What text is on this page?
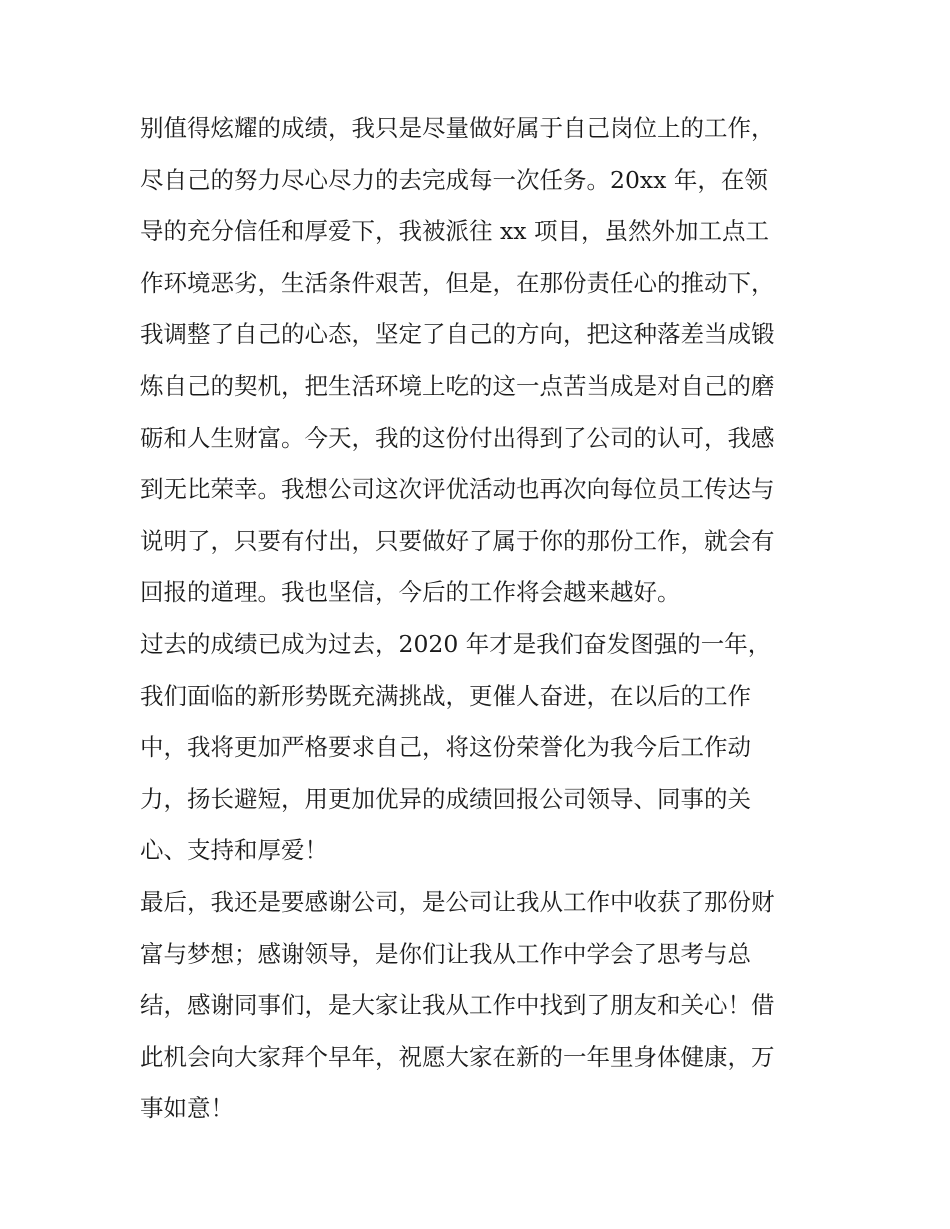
别值得炫耀的成绩，我只是尽量做好属于自己岗位上的工作，
尽自己的努力尽心尽力的去完成每一次任务。20xx 年，在领
导的充分信任和厚爱下，我被派往 xx 项目，虽然外加工点工
作环境恶劣，生活条件艰苦，但是，在那份责任心的推动下，
我调整了自己的心态，坚定了自己的方向，把这种落差当成锻
炼自己的契机，把生活环境上吃的这一点苦当成是对自己的磨
砺和人生财富。今天，我的这份付出得到了公司的认可，我感
到无比荣幸。我想公司这次评优活动也再次向每位员工传达与
说明了，只要有付出，只要做好了属于你的那份工作，就会有
回报的道理。我也坚信，今后的工作将会越来越好。
过去的成绩已成为过去，2020 年才是我们奋发图强的一年，
我们面临的新形势既充满挑战，更催人奋进，在以后的工作
中，我将更加严格要求自己，将这份荣誉化为我今后工作动
力，扬长避短，用更加优异的成绩回报公司领导、同事的关
心、支持和厚爱！
最后，我还是要感谢公司，是公司让我从工作中收获了那份财
富与梦想；感谢领导，是你们让我从工作中学会了思考与总
结，感谢同事们，是大家让我从工作中找到了朋友和关心！借
此机会向大家拜个早年，祝愿大家在新的一年里身体健康，万
事如意！
